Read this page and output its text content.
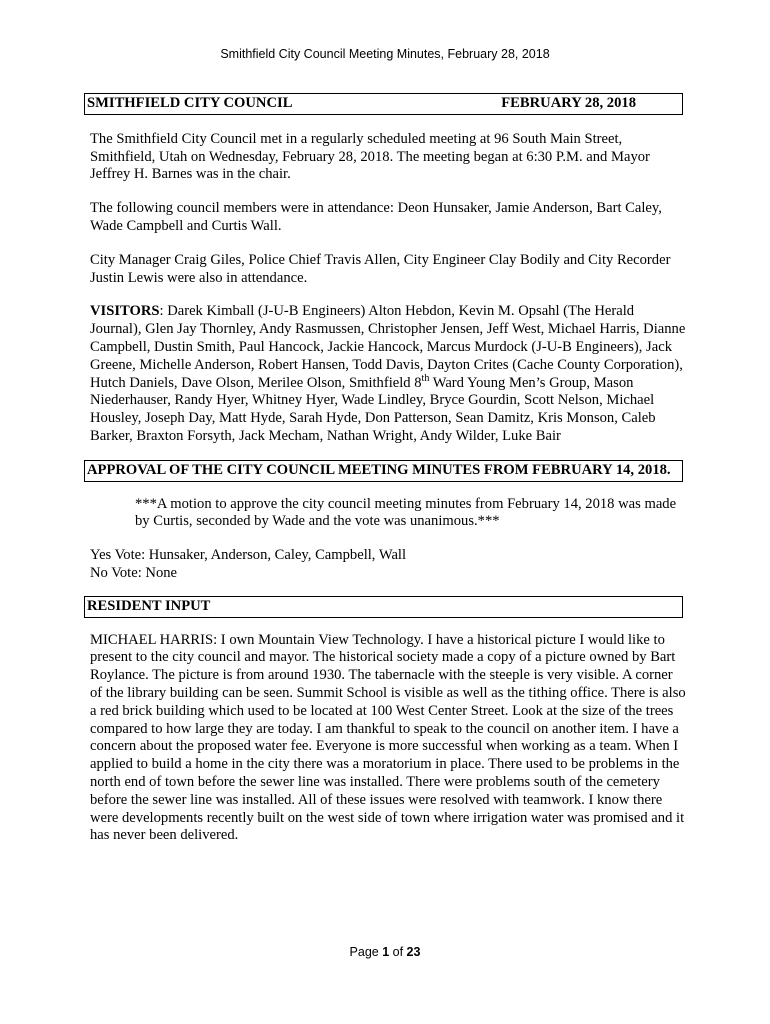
Smithfield City Council Meeting Minutes, February 28, 2018
SMITHFIELD CITY COUNCIL	FEBRUARY 28, 2018

The Smithfield City Council met in a regularly scheduled meeting at 96 South Main Street, Smithfield, Utah on Wednesday, February 28, 2018. The meeting began at 6:30 P.M. and Mayor Jeffrey H. Barnes was in the chair.

The following council members were in attendance: Deon Hunsaker, Jamie Anderson, Bart Caley, Wade Campbell and Curtis Wall.

City Manager Craig Giles, Police Chief Travis Allen, City Engineer Clay Bodily and City Recorder Justin Lewis were also in attendance.

VISITORS: Darek Kimball (J-U-B Engineers) Alton Hebdon, Kevin M. Opsahl (The Herald Journal), Glen Jay Thornley, Andy Rasmussen, Christopher Jensen, Jeff West, Michael Harris, Dianne Campbell, Dustin Smith, Paul Hancock, Jackie Hancock, Marcus Murdock (J-U-B Engineers), Jack Greene, Michelle Anderson, Robert Hansen, Todd Davis, Dayton Crites (Cache County Corporation), Hutch Daniels, Dave Olson, Merilee Olson, Smithfield 8th Ward Young Men’s Group, Mason Niederhauser, Randy Hyer, Whitney Hyer, Wade Lindley, Bryce Gourdin, Scott Nelson, Michael Housley, Joseph Day, Matt Hyde, Sarah Hyde, Don Patterson, Sean Damitz, Kris Monson, Caleb Barker, Braxton Forsyth, Jack Mecham, Nathan Wright, Andy Wilder, Luke Bair

APPROVAL OF THE CITY COUNCIL MEETING MINUTES FROM FEBRUARY 14, 2018.

***A motion to approve the city council meeting minutes from February 14, 2018 was made by Curtis, seconded by Wade and the vote was unanimous.***

Yes Vote: Hunsaker, Anderson, Caley, Campbell, Wall
No Vote: None

RESIDENT INPUT

MICHAEL HARRIS: I own Mountain View Technology. I have a historical picture I would like to present to the city council and mayor. The historical society made a copy of a picture owned by Bart Roylance. The picture is from around 1930. The tabernacle with the steeple is very visible. A corner of the library building can be seen. Summit School is visible as well as the tithing office. There is also a red brick building which used to be located at 100 West Center Street. Look at the size of the trees compared to how large they are today. I am thankful to speak to the council on another item. I have a concern about the proposed water fee. Everyone is more successful when working as a team. When I applied to build a home in the city there was a moratorium in place. There used to be problems in the north end of town before the sewer line was installed. There were problems south of the cemetery before the sewer line was installed. All of these issues were resolved with teamwork. I know there were developments recently built on the west side of town where irrigation water was promised and it has never been delivered.

Page 1 of 23
